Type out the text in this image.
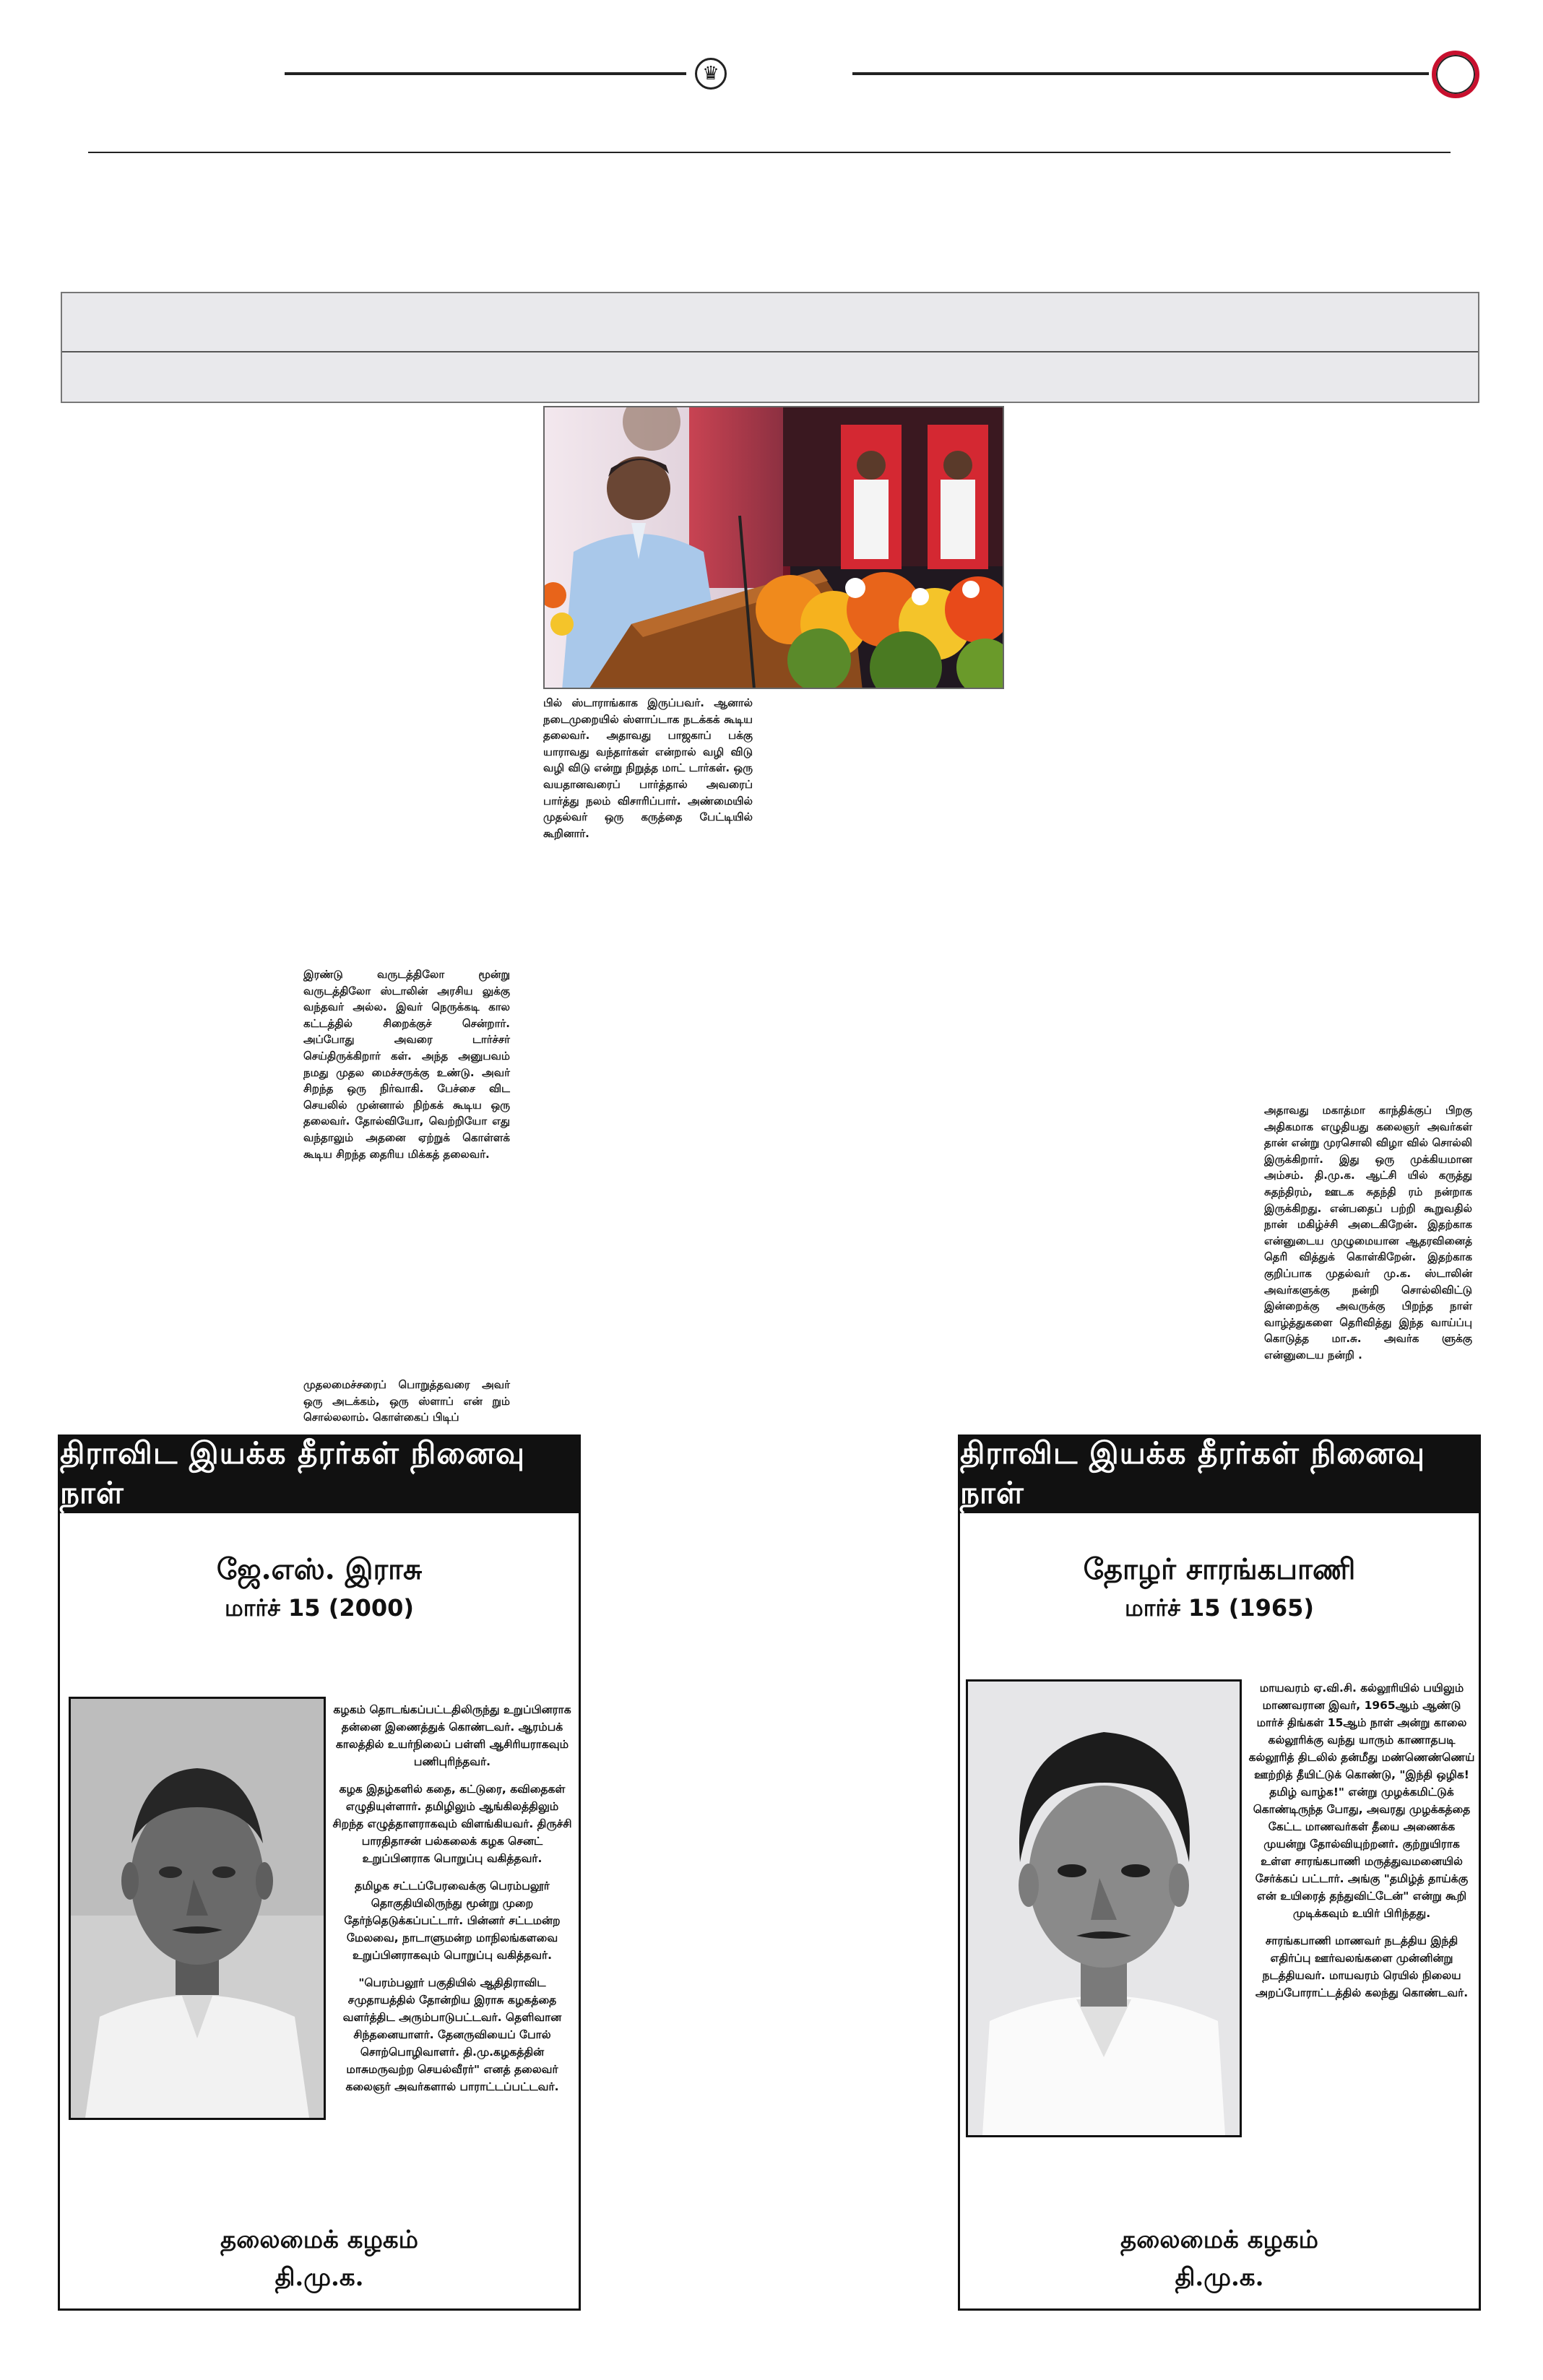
♛
பில் ஸ்டாராங்காக இருப்பவர். ஆனால் நடைமுறையில் ஸ்ளாப்டாக நடக்கக் கூடிய தலைவர். அதாவது பாஜகாப் பக்கு யாராவது வந்தார்கள் என்றால் வழி விடு வழி விடு என்று நிறுத்த மாட் டார்கள். ஒரு வயதானவரைப் பார்த்தால் அவரைப் பார்த்து நலம் விசாரிப்பார். அண்மையில் முதல்வர் ஒரு கருத்தை பேட்டியில் கூறினார்.
இரண்டு வருடத்திலோ மூன்று வருடத்திலோ ஸ்டாலின் அரசிய லுக்கு வந்தவர் அல்ல. இவர் நெருக்கடி கால கட்டத்தில் சிறைக்குச் சென்றார். அப்போது அவரை டார்ச்சர் செய்திருக்கிறார் கள். அந்த அனுபவம் நமது முதல மைச்சருக்கு உண்டு. அவர் சிறந்த ஒரு நிர்வாகி. பேச்சை விட செயலில் முன்னால் நிற்கக் கூடிய ஒரு தலைவர். தோல்வியோ, வெற்றியோ எது வந்தாலும் அதனை ஏற்றுக் கொள்ளக் கூடிய சிறந்த தைரிய மிக்கத் தலைவர்.
முதலமைச்சரைப் பொறுத்தவரை அவர் ஒரு அடக்கம், ஒரு ஸ்ளாப் என் றும் சொல்லலாம். கொள்கைப் பிடிப்
அதாவது மகாத்மா காந்திக்குப் பிறகு அதிகமாக எழுதியது கலைஞர் அவர்கள் தான் என்று முரசொலி விழா வில் சொல்லி இருக்கிறார். இது ஒரு முக்கியமான அம்சம். தி.மு.க. ஆட்சி யில் கருத்து சுதந்திரம், ஊடக சுதந்தி ரம் நன்றாக இருக்கிறது. என்பதைப் பற்றி கூறுவதில் நான் மகிழ்ச்சி அடைகிறேன். இதற்காக என்னுடைய முழுமையான ஆதரவினைத் தெரி வித்துக் கொள்கிறேன். இதற்காக குறிப்பாக முதல்வர் மு.க. ஸ்டாலின் அவர்களுக்கு நன்றி சொல்லிவிட்டு இன்றைக்கு அவருக்கு பிறந்த நாள் வாழ்த்துகளை தெரிவித்து இந்த வாய்ப்பு கொடுத்த மா.சு. அவர்க ளுக்கு என்னுடைய நன்றி .
திராவிட இயக்க தீரர்கள் நினைவு நாள்
ஜே.எஸ். இராசு
மார்ச் 15 (2000)

கழகம் தொடங்கப்பட்டதிலிருந்து உறுப்பினராக தன்னை இணைத்துக் கொண்டவர். ஆரம்பக் காலத்தில் உயர்நிலைப் பள்ளி ஆசிரியராகவும் பணிபுரிந்தவர்.

கழக இதழ்களில் கதை, கட்டுரை, கவிதைகள் எழுதியுள்ளார். தமிழிலும் ஆங்கிலத்திலும் சிறந்த எழுத்தாளராகவும் விளங்கியவர். திருச்சி பாரதிதாசன் பல்கலைக் கழக செனட் உறுப்பினராக பொறுப்பு வகித்தவர்.

தமிழக சட்டப்பேரவைக்கு பெரம்பலூர் தொகுதியிலிருந்து மூன்று முறை தேர்ந்தெடுக்கப்பட்டார். பின்னர் சட்டமன்ற மேலவை, நாடாளுமன்ற மாநிலங்களவை உறுப்பினராகவும் பொறுப்பு வகித்தவர்.

"பெரம்பலூர் பகுதியில் ஆதிதிராவிட சமுதாயத்தில் தோன்றிய இராசு கழகத்தை வளர்த்திட அரும்பாடுபட்டவர். தெளிவான சிந்தனையாளர். தேனருவியைப் போல் சொற்பொழிவாளர். தி.மு.கழகத்தின் மாசுமருவற்ற செயல்வீரர்" எனத் தலைவர் கலைஞர் அவர்களால் பாராட்டப்பட்டவர்.

தலைமைக் கழகம்
தி.மு.க.
திராவிட இயக்க தீரர்கள் நினைவு நாள்
தோழர் சாரங்கபாணி
மார்ச் 15 (1965)

மாயவரம் ஏ.வி.சி. கல்லூரியில் பயிலும் மாணவரான இவர், 1965ஆம் ஆண்டு மார்ச் திங்கள் 15ஆம் நாள் அன்று காலை கல்லூரிக்கு வந்து யாரும் காணாதபடி கல்லூரித் திடலில் தன்மீது மண்ணெண்ணெய் ஊற்றித் தீயிட்டுக் கொண்டு, "இந்தி ஒழிக! தமிழ் வாழ்க!" என்று முழக்கமிட்டுக் கொண்டிருந்த போது, அவரது முழக்கத்தை கேட்ட மாணவர்கள் தீயை அணைக்க முயன்று தோல்வியுற்றனர். குற்றுயிராக உள்ள சாரங்கபாணி மருத்துவமனையில் சேர்க்கப் பட்டார். அங்கு "தமிழ்த் தாய்க்கு என் உயிரைத் தந்துவிட்டேன்" என்று கூறி முடிக்கவும் உயிர் பிரிந்தது.

சாரங்கபாணி மாணவர் நடத்திய இந்தி எதிர்ப்பு ஊர்வலங்களை முன்னின்று நடத்தியவர். மாயவரம் ரெயில் நிலைய அறப்போராட்டத்தில் கலந்து கொண்டவர்.

தலைமைக் கழகம்
தி.மு.க.
